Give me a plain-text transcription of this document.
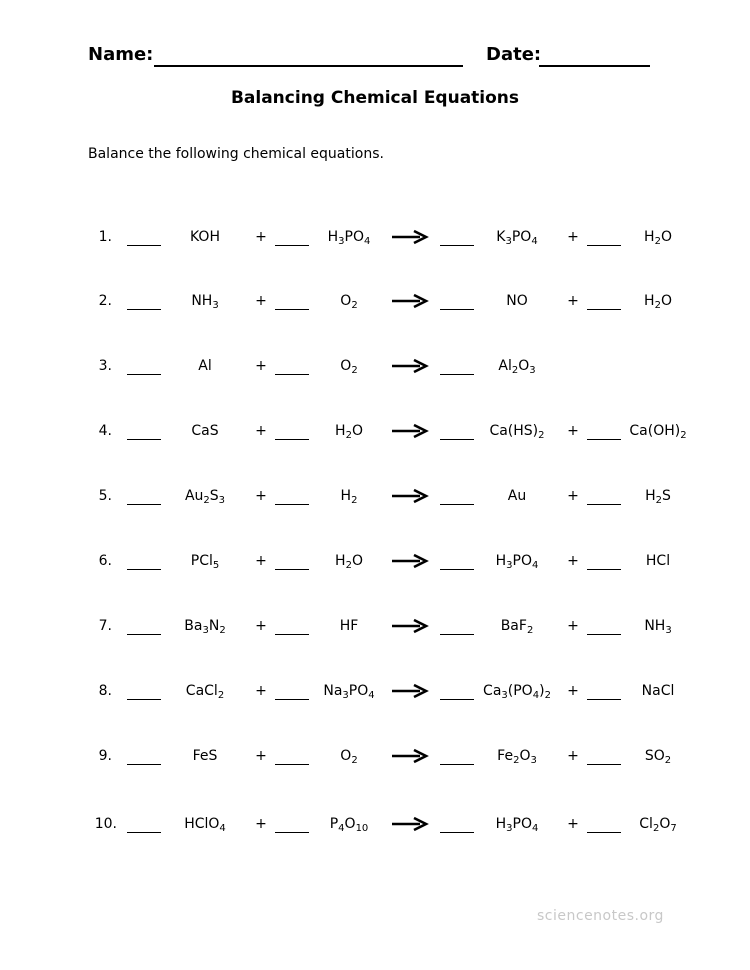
Name:	Date:
Balancing Chemical Equations
Balance the following chemical equations.
1.	KOH	+	$H_3PO_4$	→	$K_3PO_4$	+	$H_2O$
2.	$NH_3$	+	$O_2$	NO	+	$H_2O$
3.	Al	+	$O_2$	$Al_2O_3$
4.	CaS	+	$H_2O$	$Ca(HS)_2$	+	$Ca(OH)_2$
5.	$Au_2S_3$	+	$H_2$	Au	+	$H_2S$
6.	PCl$_5$	+	$H_2O$	$H_3PO_4$	+	HCl
7.	$Ba_3N_2$	+	HF	BaF$_2$	+	$NH_3$
8.	CaCl$_2$	+	$Na_3PO_4$ →	$Ca_3(PO_4)_2$	+	NaCl
9.	FeS	+	$O_2$	$Fe_2O_3$	+	$SO_2$
10.	HClO$_4$	+	$P_4O_{10}$	→	$H_3PO_4$	+	$Cl_2O_7$
sciencenotes.org
